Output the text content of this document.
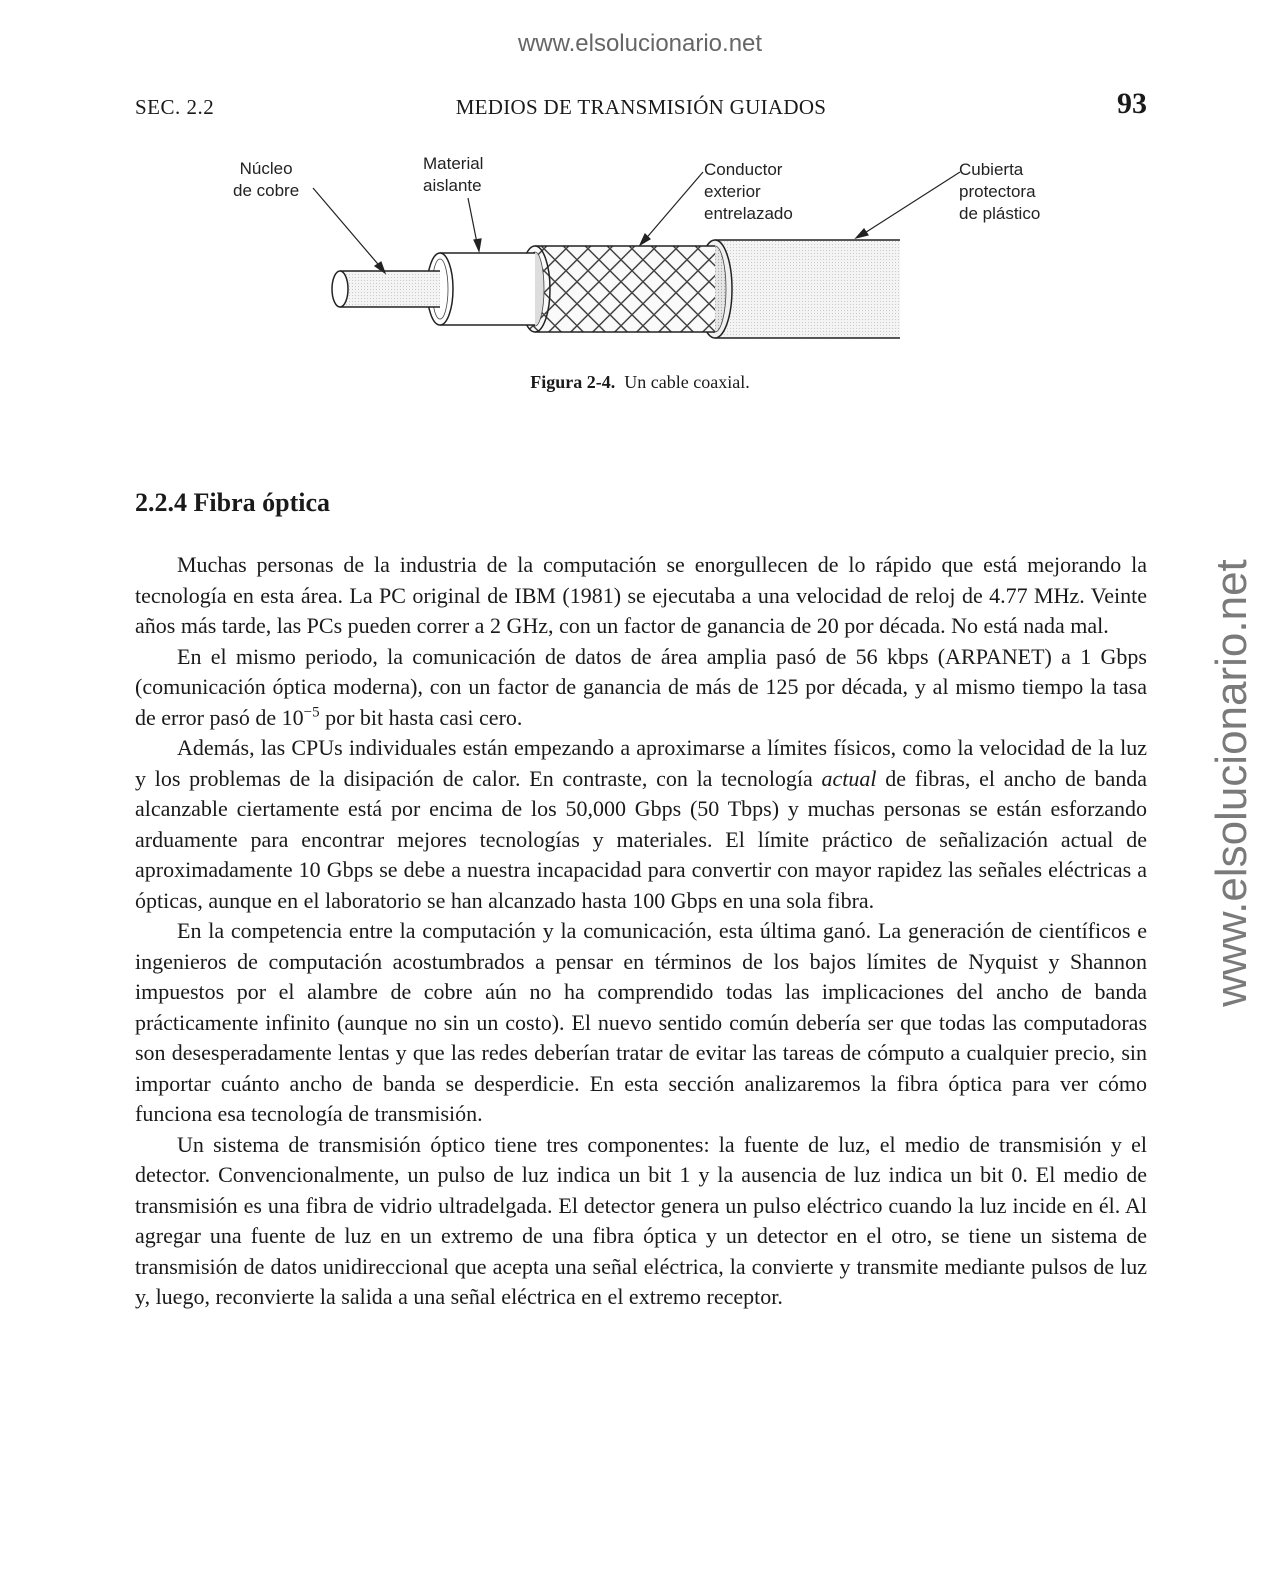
www.elsolucionario.net
www.elsolucionario.net
SEC. 2.2	MEDIOS DE TRANSMISIÓN GUIADOS	93
Núcleo
de cobre
Material
aislante
Conductor
exterior
entrelazado
Cubierta
protectora
de plástico
Figura 2-4. Un cable coaxial.
2.2.4 Fibra óptica

Muchas personas de la industria de la computación se enorgullecen de lo rápido que está mejorando la tecnología en esta área. La PC original de IBM (1981) se ejecutaba a una velocidad de reloj de 4.77 MHz. Veinte años más tarde, las PCs pueden correr a 2 GHz, con un factor de ganancia de 20 por década. No está nada mal.

En el mismo periodo, la comunicación de datos de área amplia pasó de 56 kbps (ARPANET) a 1 Gbps (comunicación óptica moderna), con un factor de ganancia de más de 125 por década, y al mismo tiempo la tasa de error pasó de $10^{-5}$ por bit hasta casi cero.

Además, las CPUs individuales están empezando a aproximarse a límites físicos, como la velocidad de la luz y los problemas de la disipación de calor. En contraste, con la tecnología actual de fibras, el ancho de banda alcanzable ciertamente está por encima de los 50,000 Gbps (50 Tbps) y muchas personas se están esforzando arduamente para encontrar mejores tecnologías y materiales. El límite práctico de señalización actual de aproximadamente 10 Gbps se debe a nuestra incapacidad para convertir con mayor rapidez las señales eléctricas a ópticas, aunque en el laboratorio se han alcanzado hasta 100 Gbps en una sola fibra.

En la competencia entre la computación y la comunicación, esta última ganó. La generación de científicos e ingenieros de computación acostumbrados a pensar en términos de los bajos límites de Nyquist y Shannon impuestos por el alambre de cobre aún no ha comprendido todas las implicaciones del ancho de banda prácticamente infinito (aunque no sin un costo). El nuevo sentido común debería ser que todas las computadoras son desesperadamente lentas y que las redes deberían tratar de evitar las tareas de cómputo a cualquier precio, sin importar cuánto ancho de banda se desperdicie. En esta sección analizaremos la fibra óptica para ver cómo funciona esa tecnología de transmisión.

Un sistema de transmisión óptico tiene tres componentes: la fuente de luz, el medio de transmisión y el detector. Convencionalmente, un pulso de luz indica un bit 1 y la ausencia de luz indica un bit 0. El medio de transmisión es una fibra de vidrio ultradelgada. El detector genera un pulso eléctrico cuando la luz incide en él. Al agregar una fuente de luz en un extremo de una fibra óptica y un detector en el otro, se tiene un sistema de transmisión de datos unidireccional que acepta una señal eléctrica, la convierte y transmite mediante pulsos de luz y, luego, reconvierte la salida a una señal eléctrica en el extremo receptor.
